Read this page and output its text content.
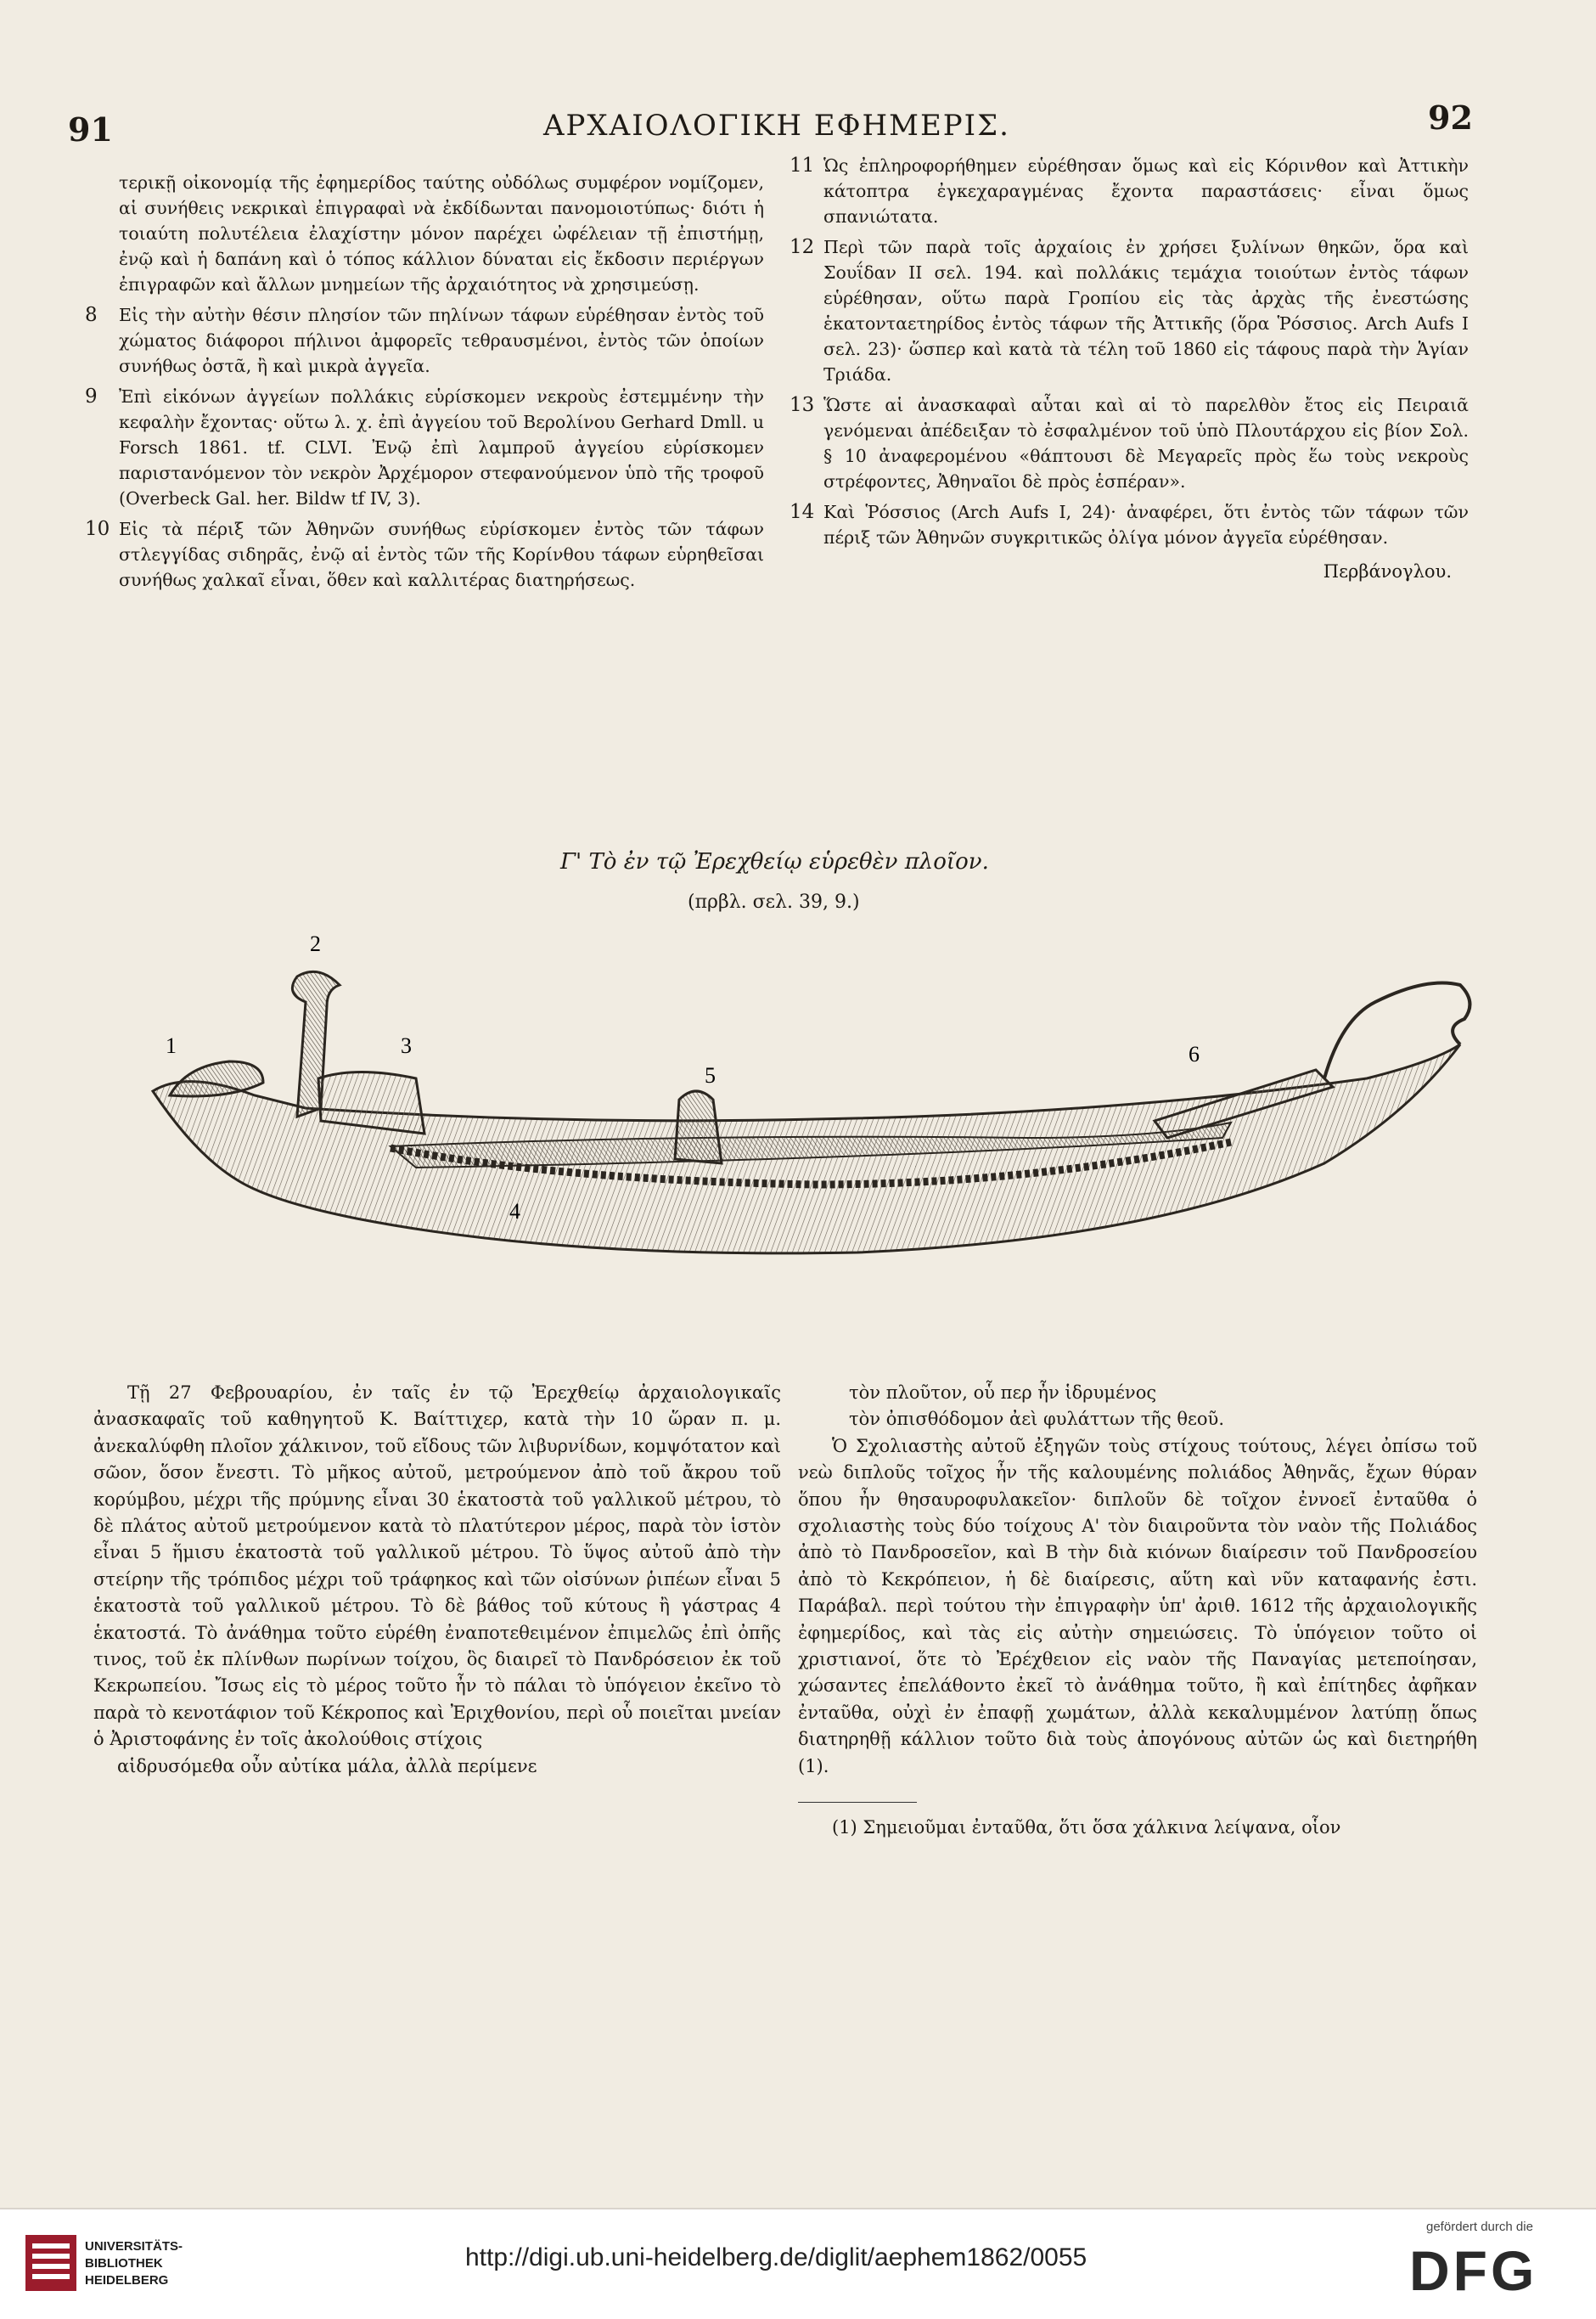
91	ΑΡΧΑΙΟΛΟΓΙΚΗ ΕΦΗΜΕΡΙΣ.	92
τερικῇ οἰκονομίᾳ τῆς ἐφημερίδος ταύτης οὐδόλως συμφέρον νομίζομεν, αἱ συνήθεις νεκρικαὶ ἐπιγραφαὶ νὰ ἐκδίδωνται πανομοιοτύπως· διότι ἡ τοιαύτη πολυτέλεια ἐλαχίστην μόνον παρέχει ὠφέλειαν τῇ ἐπιστήμῃ, ἐνῷ καὶ ἡ δαπάνη καὶ ὁ τόπος κάλλιον δύναται εἰς ἔκδοσιν περιέργων ἐπιγραφῶν καὶ ἄλλων μνημείων τῆς ἀρχαιότητος νὰ χρησιμεύσῃ.
8 Εἰς τὴν αὐτὴν θέσιν πλησίον τῶν πηλίνων τάφων εὑρέθησαν ἐντὸς τοῦ χώματος διάφοροι πήλινοι ἀμφορεῖς τεθραυσμένοι, ἐντὸς τῶν ὁποίων συνήθως ὀστᾶ, ἢ καὶ μικρὰ ἀγγεῖα.
9 Ἐπὶ εἰκόνων ἀγγείων πολλάκις εὑρίσκομεν νεκροὺς ἐστεμμένην τὴν κεφαλὴν ἔχοντας· οὕτω λ. χ. ἐπὶ ἀγγείου τοῦ Βερολίνου Gerhard Dmll. u Forsch 1861. tf. CLVI. Ἐνῷ ἐπὶ λαμπροῦ ἀγγείου εὑρίσκομεν παριστανόμενον τὸν νεκρὸν Ἀρχέμορον στεφανούμενον ὑπὸ τῆς τροφοῦ (Overbeck Gal. her. Bildw tf IV, 3).
10 Εἰς τὰ πέριξ τῶν Ἀθηνῶν συνήθως εὑρίσκομεν ἐντὸς τῶν τάφων στλεγγίδας σιδηρᾶς, ἐνῷ αἱ ἐντὸς τῶν τῆς Κορίνθου τάφων εὑρηθεῖσαι συνήθως χαλκαῖ εἶναι, ὅθεν καὶ καλλιτέρας διατηρήσεως.
11 Ὡς ἐπληροφορήθημεν εὑρέθησαν ὅμως καὶ εἰς Κόρινθον καὶ Ἀττικὴν κάτοπτρα ἐγκεχαραγμένας ἔχοντα παραστάσεις· εἶναι ὅμως σπανιώτατα.
12 Περὶ τῶν παρὰ τοῖς ἀρχαίοις ἐν χρήσει ξυλίνων θηκῶν, ὅρα καὶ Σουΐδαν II σελ. 194. καὶ πολλάκις τεμάχια τοιούτων ἐντὸς τάφων εὑρέθησαν, οὕτω παρὰ Γροπίου εἰς τὰς ἀρχὰς τῆς ἐνεστώσης ἑκατονταετηρίδος ἐντὸς τάφων τῆς Ἀττικῆς (ὅρα Ῥόσσιος. Arch Aufs I σελ. 23)· ὥσπερ καὶ κατὰ τὰ τέλη τοῦ 1860 εἰς τάφους παρὰ τὴν Ἁγίαν Τριάδα.
13 Ὥστε αἱ ἀνασκαφαὶ αὗται καὶ αἱ τὸ παρελθὸν ἔτος εἰς Πειραιᾶ γενόμεναι ἀπέδειξαν τὸ ἐσφαλμένον τοῦ ὑπὸ Πλουτάρχου εἰς βίον Σολ. § 10 ἀναφερομένου «θάπτουσι δὲ Μεγαρεῖς πρὸς ἕω τοὺς νεκροὺς στρέφοντες, Ἀθηναῖοι δὲ πρὸς ἑσπέραν».
14 Καὶ Ῥόσσιος (Arch Aufs I, 24)· ἀναφέρει, ὅτι ἐντὸς τῶν τάφων τῶν πέριξ τῶν Ἀθηνῶν συγκριτικῶς ὀλίγα μόνον ἀγγεῖα εὑρέθησαν.
Περβάνογλου.
Γ' Τὸ ἐν τῷ Ἐρεχθείῳ εὑρεθὲν πλοῖον.
(πρβλ. σελ. 39, 9.)
1
2
3
4
5
6
Τῇ 27 Φεβρουαρίου, ἐν ταῖς ἐν τῷ Ἐρεχθείῳ ἀρχαιολογικαῖς ἀνασκαφαῖς τοῦ καθηγητοῦ Κ. Βαίττιχερ, κατὰ τὴν 10 ὥραν π. μ. ἀνεκαλύφθη πλοῖον χάλκινον, τοῦ εἴδους τῶν λιβυρνίδων, κομψότατον καὶ σῶον, ὅσον ἔνεστι. Τὸ μῆκος αὐτοῦ, μετρούμενον ἀπὸ τοῦ ἄκρου τοῦ κορύμβου, μέχρι τῆς πρύμνης εἶναι 30 ἑκατοστὰ τοῦ γαλλικοῦ μέτρου, τὸ δὲ πλάτος αὐτοῦ μετρούμενον κατὰ τὸ πλατύτερον μέρος, παρὰ τὸν ἱστὸν εἶναι 5 ἥμισυ ἑκατοστὰ τοῦ γαλλικοῦ μέτρου. Τὸ ὕψος αὐτοῦ ἀπὸ τὴν στείρην τῆς τρόπιδος μέχρι τοῦ τράφηκος καὶ τῶν οἰσύνων ῥιπέων εἶναι 5 ἑκατοστὰ τοῦ γαλλικοῦ μέτρου. Τὸ δὲ βάθος τοῦ κύτους ἢ γάστρας 4 ἑκατοστά. Τὸ ἀνάθημα τοῦτο εὑρέθη ἐναποτεθειμένον ἐπιμελῶς ἐπὶ ὀπῆς τινος, τοῦ ἐκ πλίνθων πωρίνων τοίχου, ὃς διαιρεῖ τὸ Πανδρόσειον ἐκ τοῦ Κεκρωπείου. Ἴσως εἰς τὸ μέρος τοῦτο ἦν τὸ πάλαι τὸ ὑπόγειον ἐκεῖνο τὸ παρὰ τὸ κενοτάφιον τοῦ Κέκροπος καὶ Ἐριχθονίου, περὶ οὗ ποιεῖται μνείαν ὁ Ἀριστοφάνης ἐν τοῖς ἀκολούθοις στίχοις
αἱδρυσόμεθα οὖν αὐτίκα μάλα, ἀλλὰ περίμενε
τὸν πλοῦτον, οὗ περ ἦν ἱδρυμένος
τὸν ὀπισθόδομον ἀεὶ φυλάττων τῆς θεοῦ.
Ὁ Σχολιαστὴς αὐτοῦ ἐξηγῶν τοὺς στίχους τούτους, λέγει ὀπίσω τοῦ νεὼ διπλοῦς τοῖχος ἦν τῆς καλουμένης πολιάδος Ἀθηνᾶς, ἔχων θύραν ὅπου ἦν θησαυροφυλακεῖον· διπλοῦν δὲ τοῖχον ἐννοεῖ ἐνταῦθα ὁ σχολιαστὴς τοὺς δύο τοίχους Α' τὸν διαιροῦντα τὸν ναὸν τῆς Πολιάδος ἀπὸ τὸ Πανδροσεῖον, καὶ Β τὴν διὰ κιόνων διαίρεσιν τοῦ Πανδροσείου ἀπὸ τὸ Κεκρόπειον, ἡ δὲ διαίρεσις, αὕτη καὶ νῦν καταφανής ἐστι. Παράβαλ. περὶ τούτου τὴν ἐπιγραφὴν ὑπ' ἀριθ. 1612 τῆς ἀρχαιολογικῆς ἐφημερίδος, καὶ τὰς εἰς αὐτὴν σημειώσεις. Τὸ ὑπόγειον τοῦτο οἱ χριστιανοί, ὅτε τὸ Ἐρέχθειον εἰς ναὸν τῆς Παναγίας μετεποίησαν, χώσαντες ἐπελάθοντο ἐκεῖ τὸ ἀνάθημα τοῦτο, ἢ καὶ ἐπίτηδες ἀφῆκαν ἐνταῦθα, οὐχὶ ἐν ἐπαφῇ χωμάτων, ἀλλὰ κεκαλυμμένον λατύπῃ ὅπως διατηρηθῇ κάλλιον τοῦτο διὰ τοὺς ἀπογόνους αὐτῶν ὡς καὶ διετηρήθη (1).
(1) Σημειοῦμαι ἐνταῦθα, ὅτι ὅσα χάλκινα λείψανα, οἷον
UNIVERSITÄTS-
BIBLIOTHEK
HEIDELBERG
http://digi.ub.uni-heidelberg.de/diglit/aephem1862/0055
gefördert durch die
DFG
